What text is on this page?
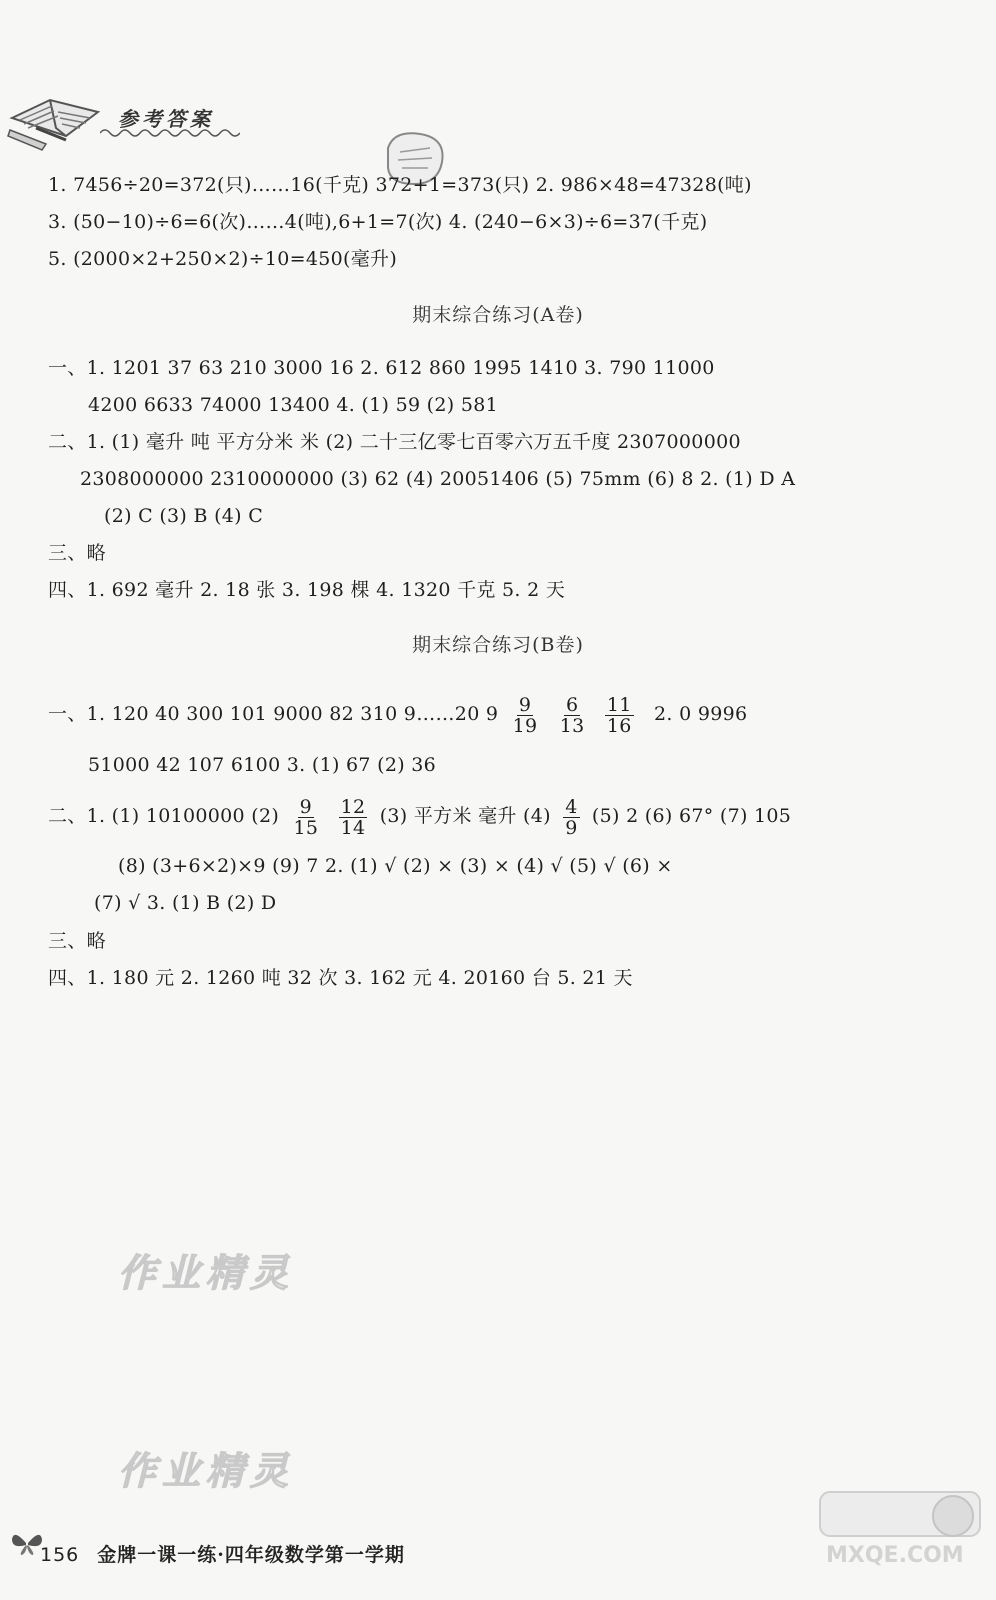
参考答案
1. 7456÷20=372(只)……16(千克) 372+1=373(只) 2. 986×48=47328(吨)
3. (50−10)÷6=6(次)……4(吨),6+1=7(次) 4. (240−6×3)÷6=37(千克)
5. (2000×2+250×2)÷10=450(毫升)
期末综合练习(A卷)
一、1. 1201 37 63 210 3000 16 2. 612 860 1995 1410 3. 790 11000
4200 6633 74000 13400 4. (1) 59 (2) 581
二、1. (1) 毫升 吨 平方分米 米 (2) 二十三亿零七百零六万五千度 2307000000
2308000000 2310000000 (3) 62 (4) 20051406 (5) 75mm (6) 8 2. (1) D A
(2) C (3) B (4) C
三、略
四、1. 692 毫升 2. 18 张 3. 198 棵 4. 1320 千克 5. 2 天
期末综合练习(B卷)
一、1. 120 40 300 101 9000 82 310 9……20 $9 \frac{9}{19}$
$\frac{6}{13}$
$\frac{11}{16} 2$. 0 9996
51000 42 107 6100 3. (1) 67 (2) 36
二、1. (1) 10100000 $(2) \frac{9}{15}$
$\frac{12}{14} (3)$ 平方米 毫升 $(4) \frac{4}{9} (5)$ 2 (6) 67° (7) 105
(8) (3+6×2)×9 (9) 7 2. (1) √ (2) × (3) × (4) √ (5) √ (6) ×
(7) √ 3. (1) B (2) D
三、略
四、1. 180 元 2. 1260 吨 32 次 3. 162 元 4. 20160 台 5. 21 天
作业精灵
作业精灵
MXQE.COM
156 金牌一课一练·四年级数学第一学期
